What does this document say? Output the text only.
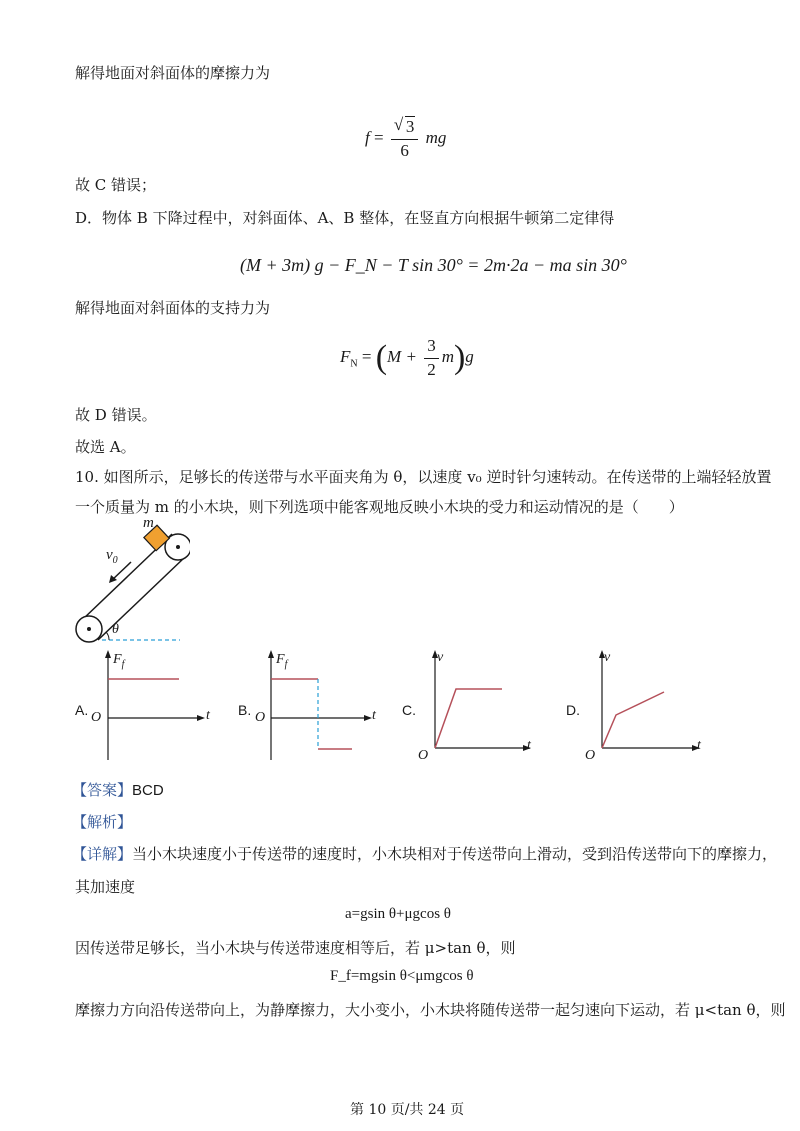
解得地面对斜面体的摩擦力为
$f = \frac{√ 3}{6}$ mg
故 C 错误；
D．物体 B 下降过程中，对斜面体、A、B 整体，在竖直方向根据牛顿第二定律得
(M + 3m) g − F_N − T sin 30° = 2m·2a − ma sin 30°
解得地面对斜面体的支持力为
$F_N = (M + \frac{3}{2} m)g$
故 D 错误。
故选 A。
10. 如图所示，足够长的传送带与水平面夹角为 θ，以速度 v₀ 逆时针匀速转动。在传送带的上端轻轻放置
一个质量为 m 的小木块，则下列选项中能客观地反映小木块的受力和运动情况的是（　　）
m
$v_0$
θ
A.
$F_f$
t
O	B.
$F_f$
t
O	C.
v
t
O
D.
v
t
O
【答案】BCD
【解析】
【详解】当小木块速度小于传送带的速度时，小木块相对于传送带向上滑动，受到沿传送带向下的摩擦力，
其加速度
a=gsin θ+μgcos θ
因传送带足够长，当小木块与传送带速度相等后，若 μ>tan θ，则
F_f=mgsin θ<μmgcos θ
摩擦力方向沿传送带向上，为静摩擦力，大小变小，小木块将随传送带一起匀速向下运动，若 μ<tan θ，则
第 10 页/共 24 页
